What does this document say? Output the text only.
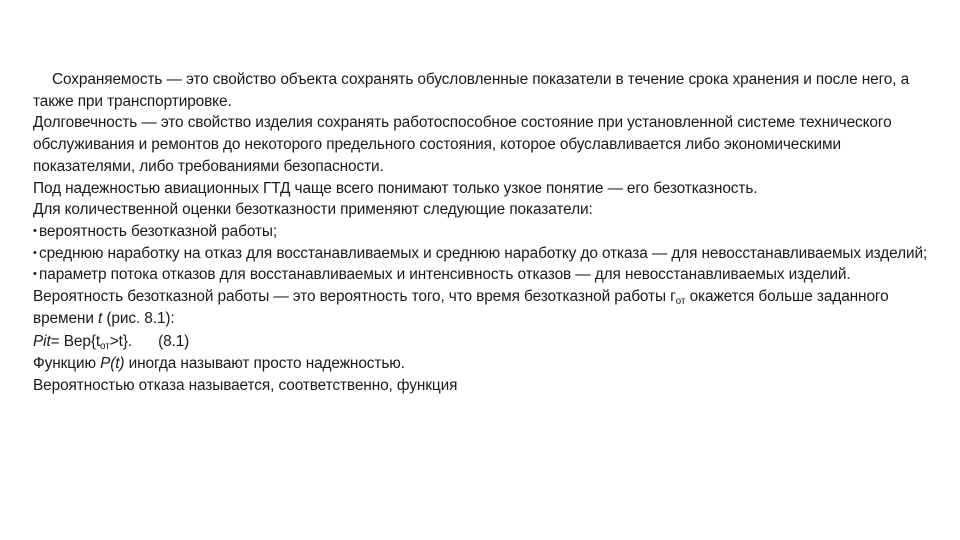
Сохраняемость — это свойство объекта сохранять обусловленные показатели в течение срока хранения и после него, а также при транспортировке.

Долговечность — это свойство изделия сохранять работоспособное состояние при установленной системе технического обслуживания и ремонтов до некоторого предельного состояния, которое обуславливается либо экономическими показателями, либо требованиями безопасности.

Под надежностью авиационных ГТД чаще всего понимают только узкое понятие — его безотказность.

Для количественной оценки безотказности применяют следующие показатели:

• вероятность безотказной работы;

• среднюю наработку на отказ для восстанавливаемых и среднюю наработку до отказа — для невосстанавливаемых изделий;

• параметр потока отказов для восстанавливаемых и интенсивность отказов — для невосстанавливаемых изделий.

Вероятность безотказной работы — это вероятность того, что время безотказной работы $г_{от}$ окажется больше заданного времени t (рис. 8.1):

$Pit= Вер\{t_{от}>t\}$. (8.1)

Функцию P(t) иногда называют просто надежностью.

Вероятностью отказа называется, соответственно, функция
